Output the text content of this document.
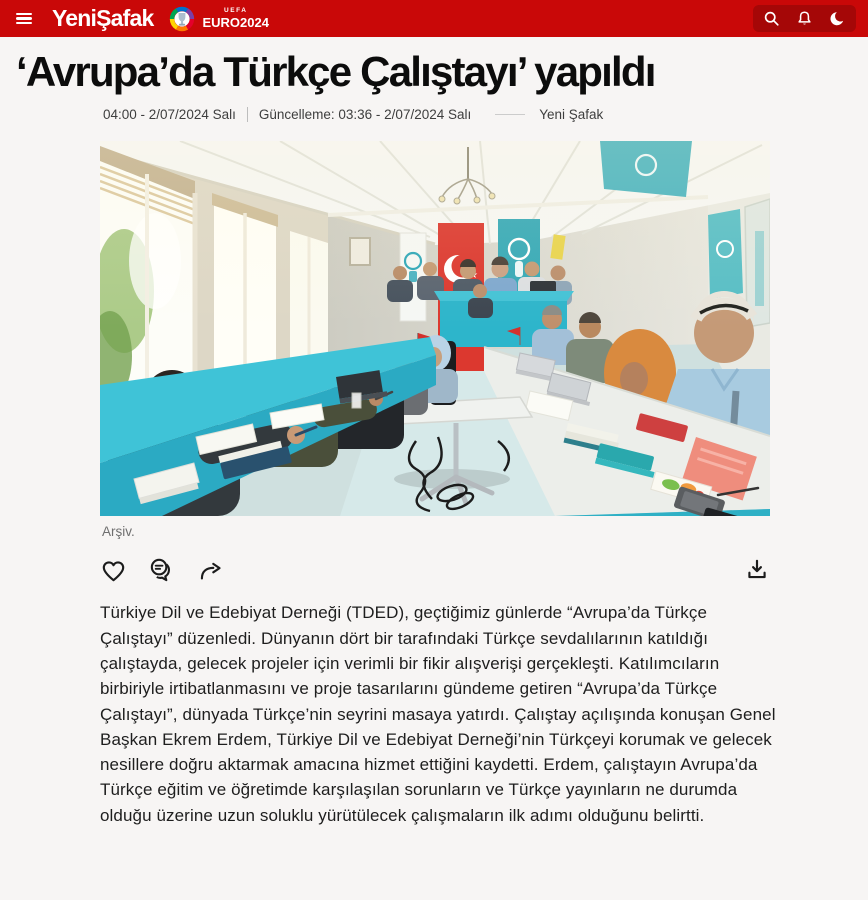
YeniŞafak	UEFA
EURO2024
‘Avrupa’da Türkçe Çalıştayı’ yapıldı
04:00 - 2/07/2024 Salı Güncelleme: 03:36 - 2/07/2024 Salı	Yeni Şafak
Arşiv.

Türkiye Dil ve Edebiyat Derneği (TDED), geçtiğimiz günlerde “Avrupa’da Türkçe Çalıştayı” düzenledi. Dünyanın dört bir tarafındaki Türkçe sevdalılarının katıldığı çalıştayda, gelecek projeler için verimli bir fikir alışverişi gerçekleşti. Katılımcıların birbiriyle irtibatlanmasını ve proje tasarılarını gündeme getiren “Avrupa’da Türkçe Çalıştayı”, dünyada Türkçe’nin seyrini masaya yatırdı. Çalıştay açılışında konuşan Genel Başkan Ekrem Erdem, Türkiye Dil ve Edebiyat Derneği’nin Türkçeyi korumak ve gelecek nesillere doğru aktarmak amacına hizmet ettiğini kaydetti. Erdem, çalıştayın Avrupa’da Türkçe eğitim ve öğretimde karşılaşılan sorunların ve Türkçe yayınların ne durumda olduğu üzerine uzun soluklu yürütülecek çalışmaların ilk adımı olduğunu belirtti.
